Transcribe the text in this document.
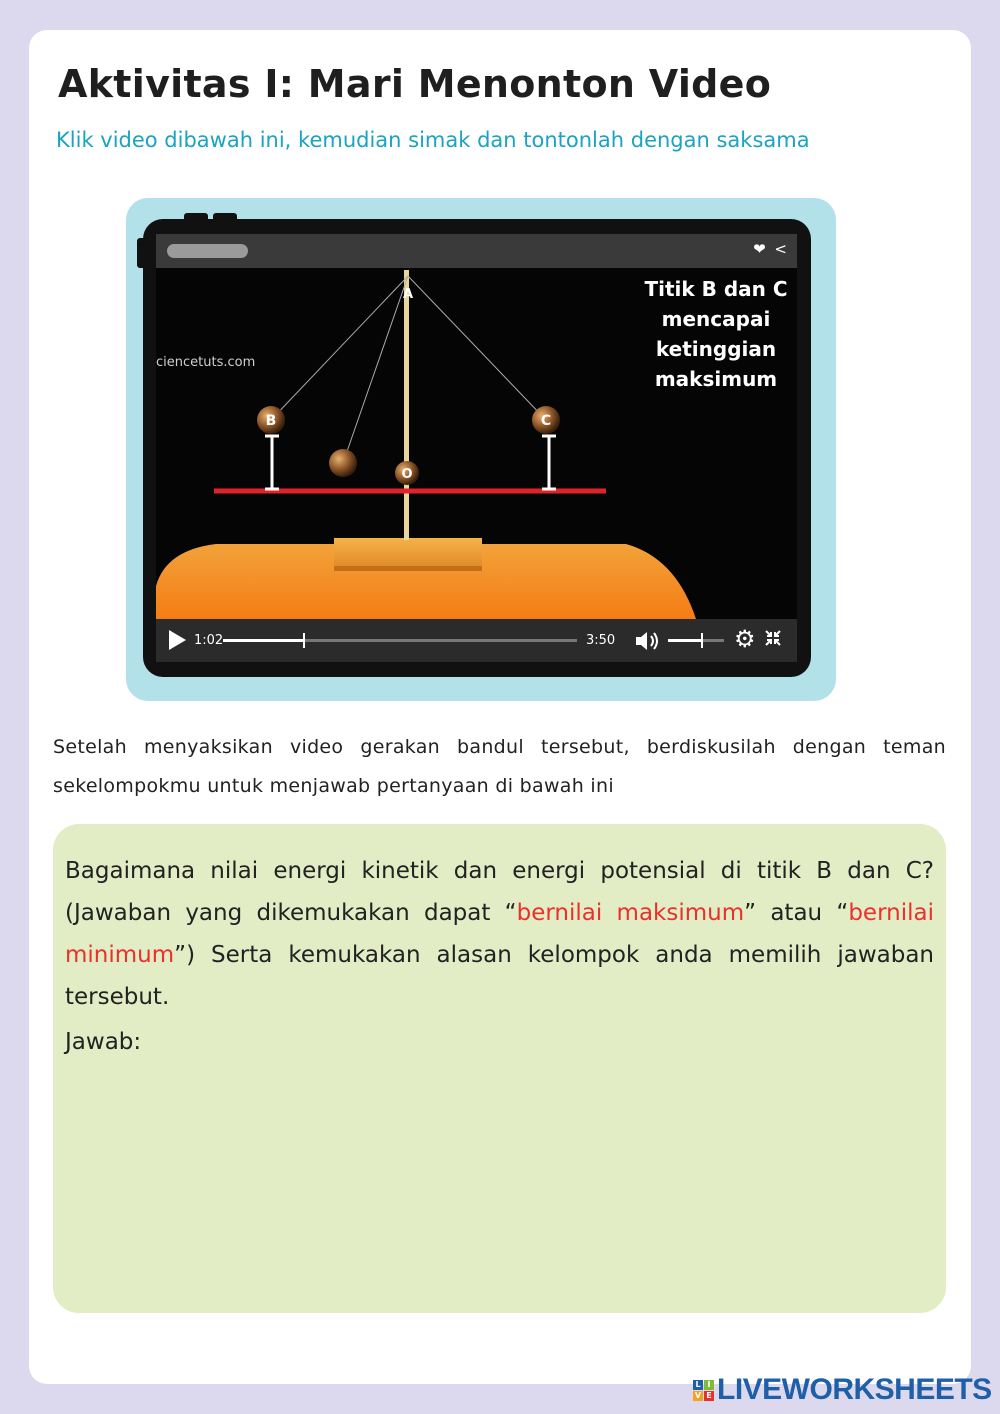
Aktivitas I: Mari Menonton Video

Klik video dibawah ini, kemudian simak dan tontonlah dengan saksama

❤ <
A
B	C
O
ciencetuts.com

Titik B dan C mencapai ketinggian maksimum

1:02	3:50	⚙

Setelah menyaksikan video gerakan bandul tersebut, berdiskusilah dengan teman sekelompokmu untuk menjawab pertanyaan di bawah ini

Bagaimana nilai energi kinetik dan energi potensial di titik B dan C? (Jawaban yang dikemukakan dapat “bernilai maksimum” atau “bernilai minimum”) Serta kemukakan alasan kelompok anda memilih jawaban tersebut.

Jawab:

L I
V E LIVEWORKSHEETS
